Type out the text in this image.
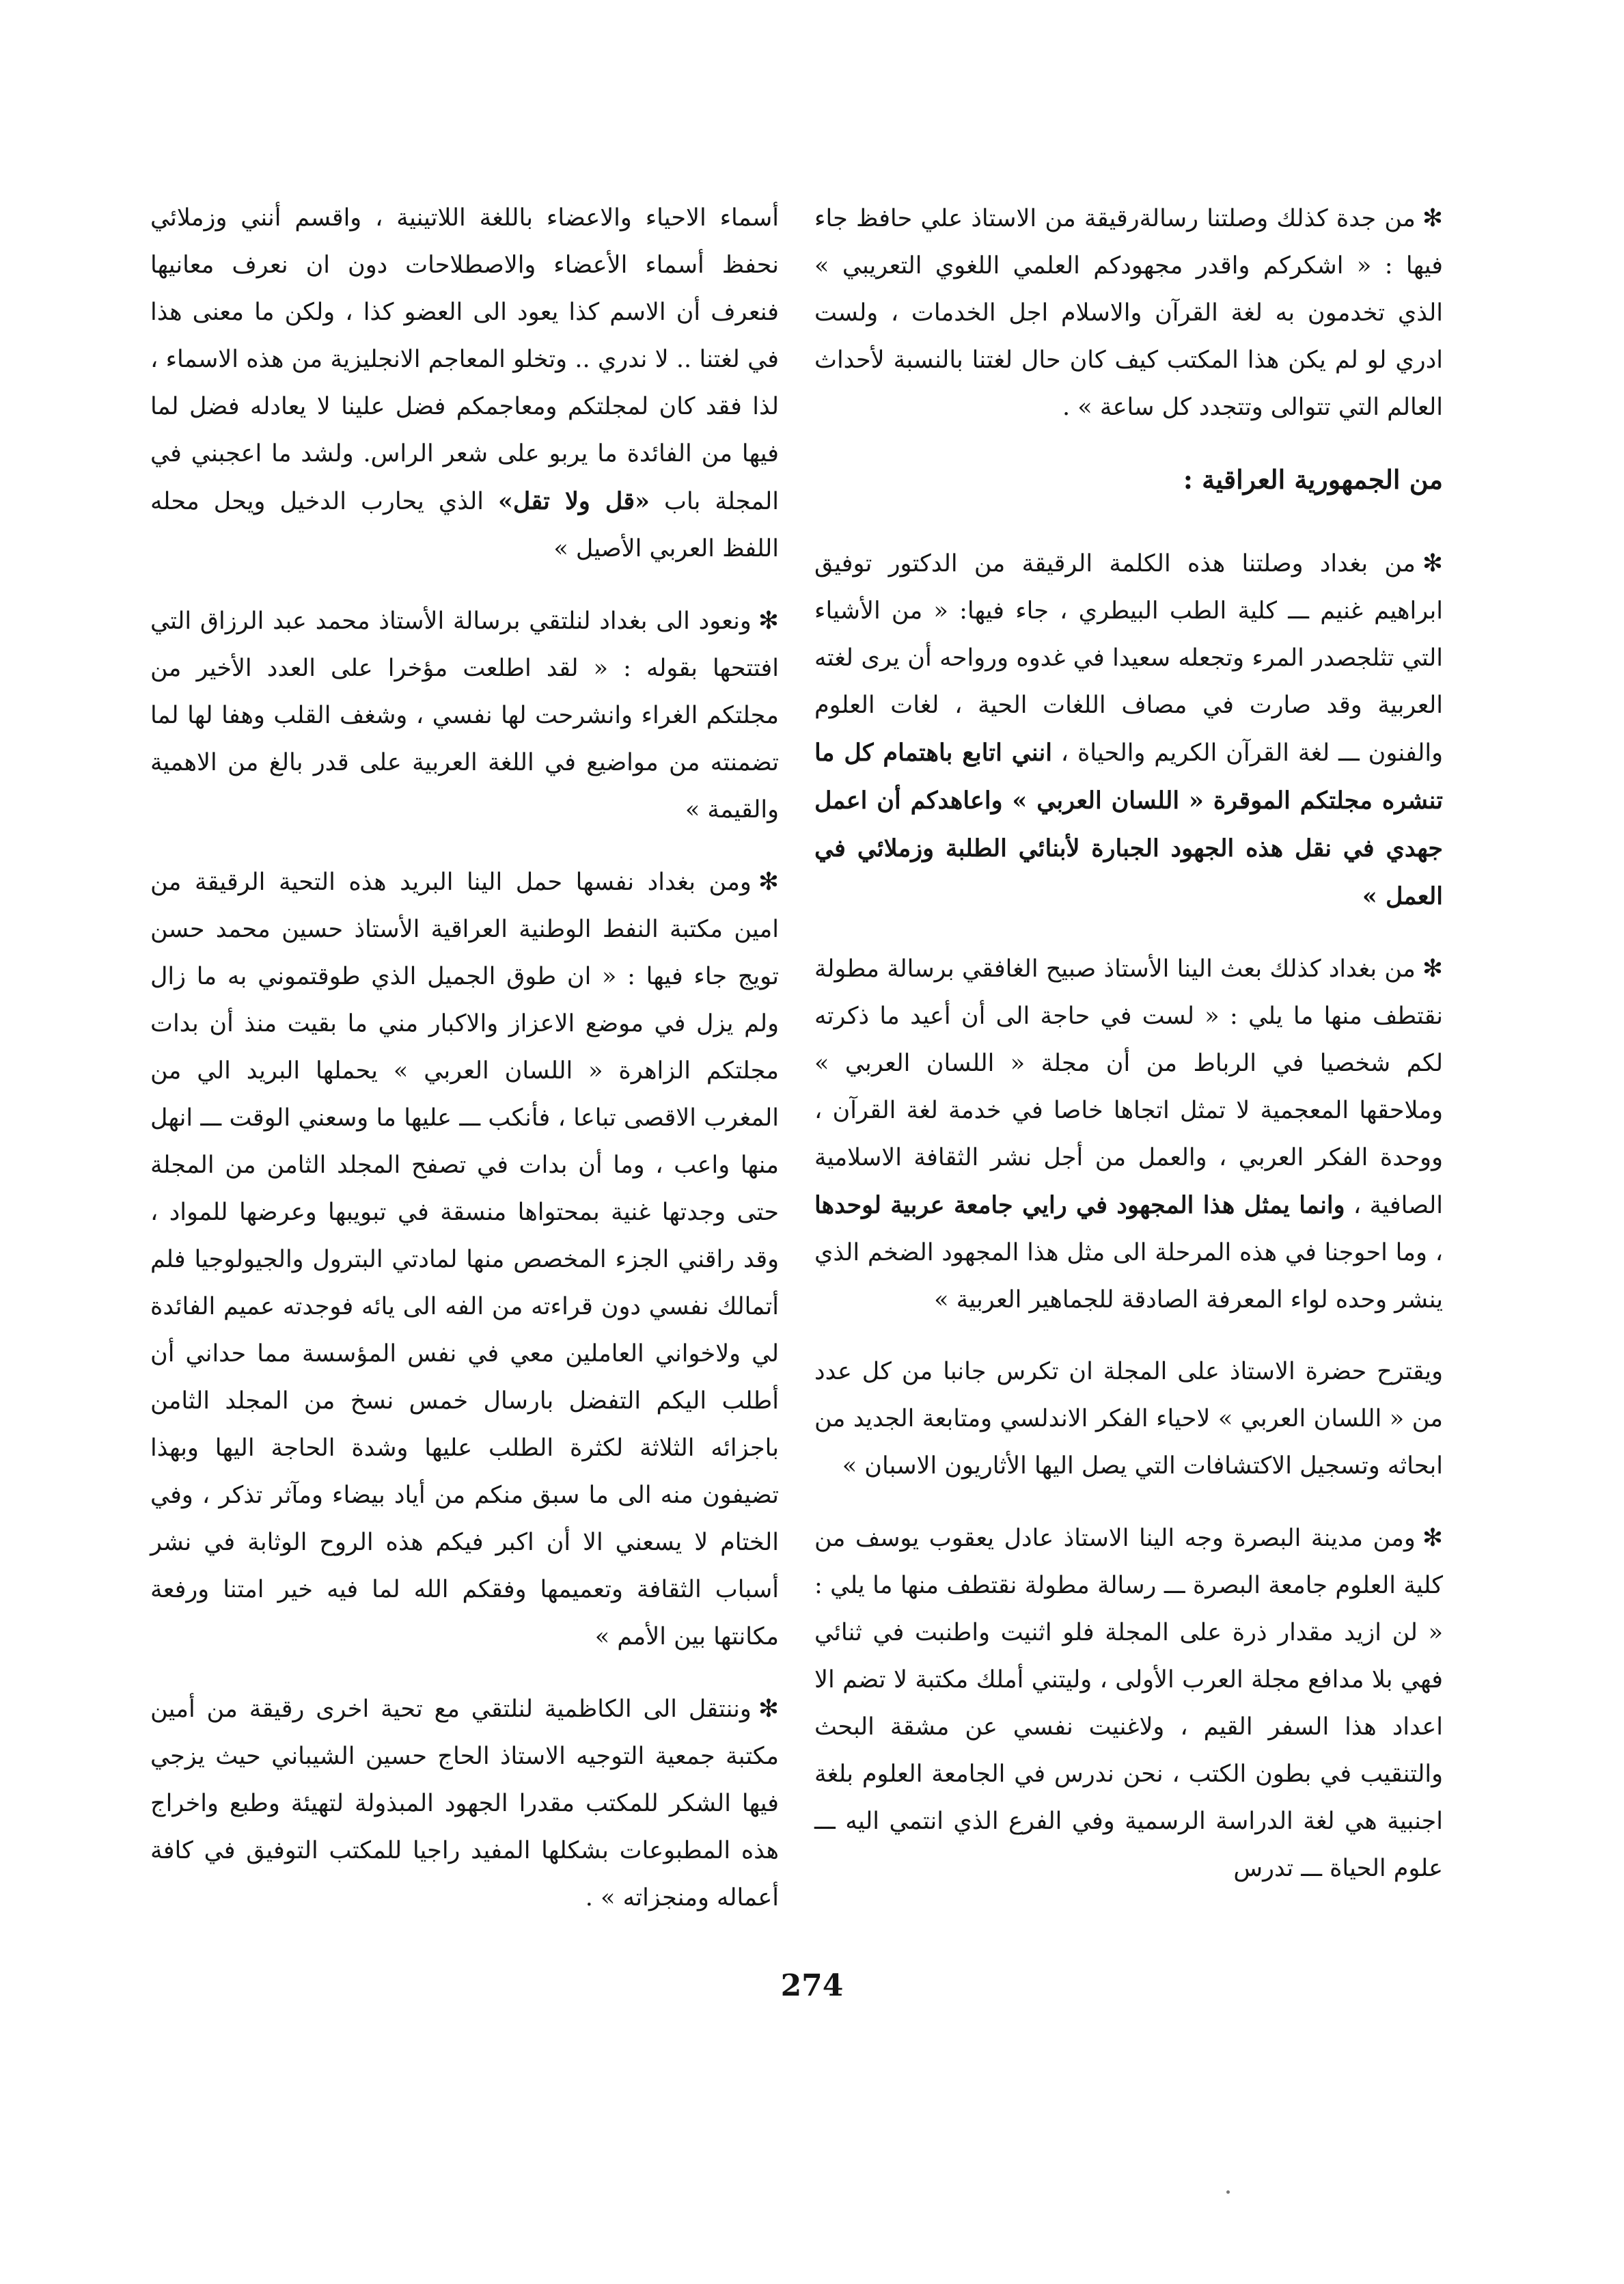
✻من جدة كذلك وصلتنا رسالةرقيقة من الاستاذ علي حافظ جاء فيها : « اشكركم واقدر مجهودكم العلمي اللغوي التعريبي » الذي تخدمون به لغة القرآن والاسلام اجل الخدمات ، ولست ادري لو لم يكن هذا المكتب كيف كان حال لغتنا بالنسبة لأحداث العالم التي تتوالى وتتجدد كل ساعة » .

من الجمهورية العراقية :

✻من بغداد وصلتنا هذه الكلمة الرقيقة من الدكتور توفيق ابراهيم غنيم ـــ كلية الطب البيطري ، جاء فيها: « من الأشياء التي تثلجصدر المرء وتجعله سعيدا في غدوه ورواحه أن يرى لغته العربية وقد صارت في مصاف اللغات الحية ، لغات العلوم والفنون ـــ لغة القرآن الكريم والحياة ، انني اتابع باهتمام كل ما تنشره مجلتكم الموقرة « اللسان العربي » واعاهدكم أن اعمل جهدي في نقل هذه الجهود الجبارة لأبنائي الطلبة وزملائي في العمل »

✻من بغداد كذلك بعث الينا الأستاذ صبيح الغافقي برسالة مطولة نقتطف منها ما يلي : « لست في حاجة الى أن أعيد ما ذكرته لكم شخصيا في الرباط من أن مجلة « اللسان العربي » وملاحقها المعجمية لا تمثل اتجاها خاصا في خدمة لغة القرآن ، ووحدة الفكر العربي ، والعمل من أجل نشر الثقافة الاسلامية الصافية ، وانما يمثل هذا المجهود في رايي جامعة عربية لوحدها ، وما احوجنا في هذه المرحلة الى مثل هذا المجهود الضخم الذي ينشر وحده لواء المعرفة الصادقة للجماهير العربية »

ويقترح حضرة الاستاذ على المجلة ان تكرس جانبا من كل عدد من « اللسان العربي » لاحياء الفكر الاندلسي ومتابعة الجديد من ابحاثه وتسجيل الاكتشافات التي يصل اليها الأثاريون الاسبان »

✻ومن مدينة البصرة وجه الينا الاستاذ عادل يعقوب يوسف من كلية العلوم جامعة البصرة ـــ رسالة مطولة نقتطف منها ما يلي : « لن ازيد مقدار ذرة على المجلة فلو اثنيت واطنبت في ثنائي فهي بلا مدافع مجلة العرب الأولى ، وليتني أملك مكتبة لا تضم الا اعداد هذا السفر القيم ، ولاغنيت نفسي عن مشقة البحث والتنقيب في بطون الكتب ، نحن ندرس في الجامعة العلوم بلغة اجنبية هي لغة الدراسة الرسمية وفي الفرع الذي انتمي اليه ـــ علوم الحياة ـــ تدرس

أسماء الاحياء والاعضاء باللغة اللاتينية ، واقسم أنني وزملائي نحفظ أسماء الأعضاء والاصطلاحات دون ان نعرف معانيها فنعرف أن الاسم كذا يعود الى العضو كذا ، ولكن ما معنى هذا في لغتنا .. لا ندري .. وتخلو المعاجم الانجليزية من هذه الاسماء ، لذا فقد كان لمجلتكم ومعاجمكم فضل علينا لا يعادله فضل لما فيها من الفائدة ما يربو على شعر الراس. ولشد ما اعجبني في المجلة باب «قل ولا تقل» الذي يحارب الدخيل ويحل محله اللفظ العربي الأصيل »

✻ونعود الى بغداد لنلتقي برسالة الأستاذ محمد عبد الرزاق التي افتتحها بقوله : « لقد اطلعت مؤخرا على العدد الأخير من مجلتكم الغراء وانشرحت لها نفسي ، وشغف القلب وهفا لها لما تضمنته من مواضيع في اللغة العربية على قدر بالغ من الاهمية والقيمة »

✻ومن بغداد نفسها حمل الينا البريد هذه التحية الرقيقة من امين مكتبة النفط الوطنية العراقية الأستاذ حسين محمد حسن تويج جاء فيها : « ان طوق الجميل الذي طوقتموني به ما زال ولم يزل في موضع الاعزاز والاكبار مني ما بقيت منذ أن بدات مجلتكم الزاهرة « اللسان العربي » يحملها البريد الي من المغرب الاقصى تباعا ، فأنكب ـــ عليها ما وسعني الوقت ـــ انهل منها واعب ، وما أن بدات في تصفح المجلد الثامن من المجلة حتى وجدتها غنية بمحتواها منسقة في تبويبها وعرضها للمواد ، وقد راقني الجزء المخصص منها لمادتي البترول والجيولوجيا فلم أتمالك نفسي دون قراءته من الفه الى يائه فوجدته عميم الفائدة لي ولاخواني العاملين معي في نفس المؤسسة مما حداني أن أطلب اليكم التفضل بارسال خمس نسخ من المجلد الثامن باجزائه الثلاثة لكثرة الطلب عليها وشدة الحاجة اليها وبهذا تضيفون منه الى ما سبق منكم من أياد بيضاء ومآثر تذكر ، وفي الختام لا يسعني الا أن اكبر فيكم هذه الروح الوثابة في نشر أسباب الثقافة وتعميمها وفقكم الله لما فيه خير امتنا ورفعة مكانتها بين الأمم »

✻وننتقل الى الكاظمية لنلتقي مع تحية اخرى رقيقة من أمين مكتبة جمعية التوجيه الاستاذ الحاج حسين الشيباني حيث يزجي فيها الشكر للمكتب مقدرا الجهود المبذولة لتهيئة وطبع واخراج هذه المطبوعات بشكلها المفيد راجيا للمكتب التوفيق في كافة أعماله ومنجزاته » .

274
